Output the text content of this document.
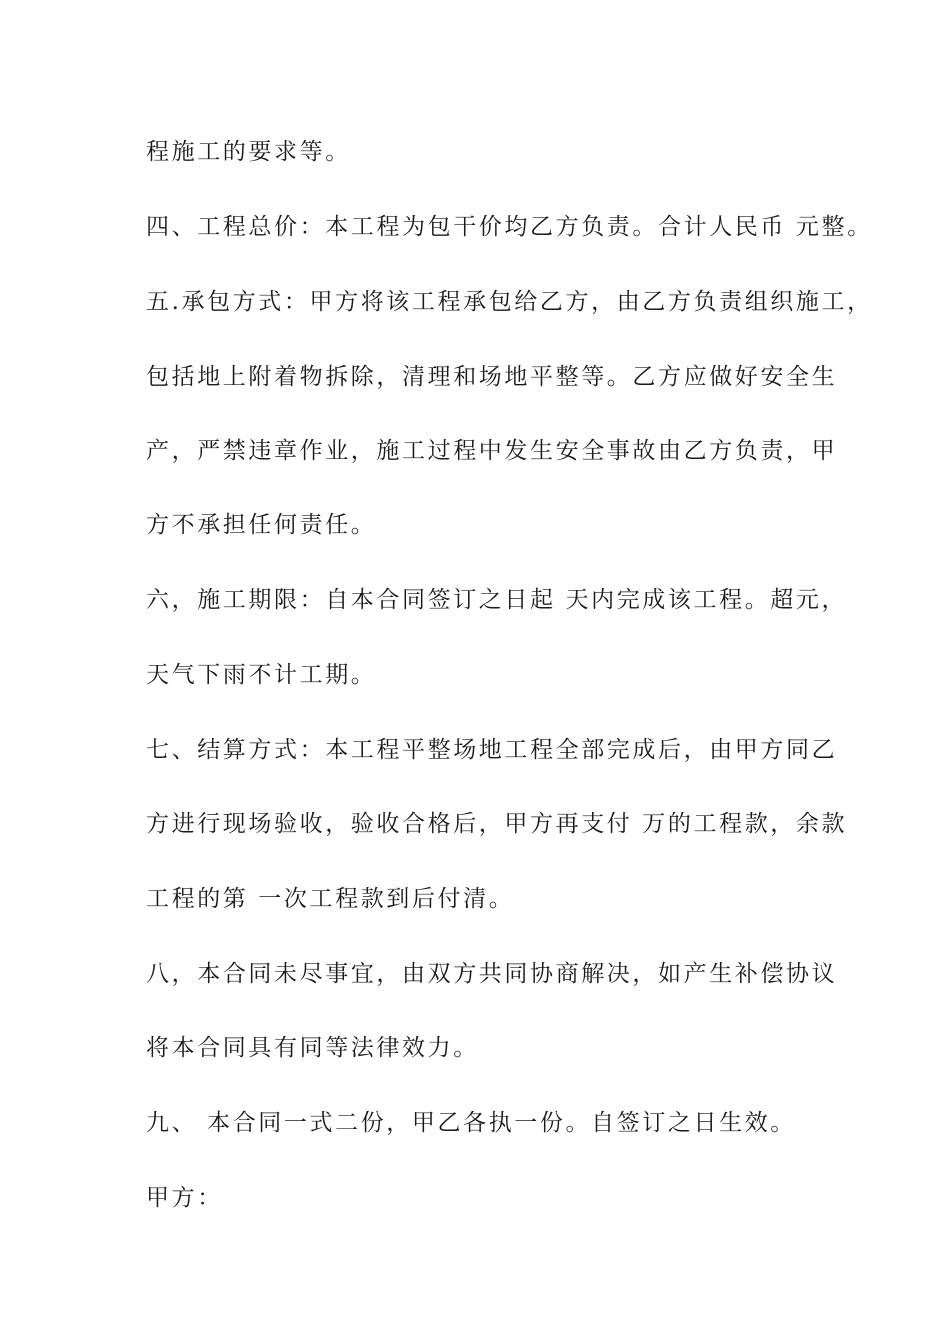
程施工的要求等。
四、工程总价：本工程为包干价均乙方负责。合计人民币 元整。
五.承包方式：甲方将该工程承包给乙方，由乙方负责组织施工，
包括地上附着物拆除，清理和场地平整等。乙方应做好安全生
产，严禁违章作业，施工过程中发生安全事故由乙方负责，甲
方不承担任何责任。
六，施工期限：自本合同签订之日起 天内完成该工程。超元，
天气下雨不计工期。
七、结算方式：本工程平整场地工程全部完成后，由甲方同乙
方进行现场验收，验收合格后，甲方再支付 万的工程款，余款
工程的第 一次工程款到后付清。
八，本合同未尽事宜，由双方共同协商解决，如产生补偿协议
将本合同具有同等法律效力。
九、 本合同一式二份，甲乙各执一份。自签订之日生效。
甲方：
